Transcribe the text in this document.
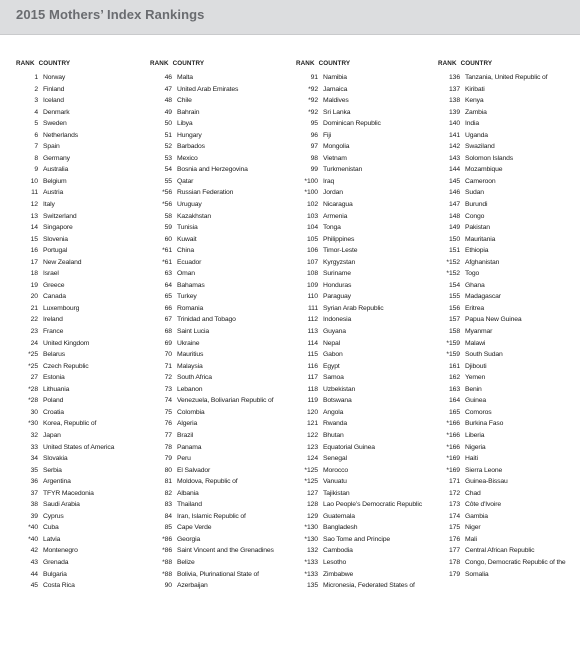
2015 Mothers’ Index Rankings
RANK COUNTRY
1 Norway
2 Finland
3 Iceland
4 Denmark
5 Sweden
6 Netherlands
7 Spain
8 Germany
9 Australia
10 Belgium
11 Austria
12 Italy
13 Switzerland
14 Singapore
15 Slovenia
16 Portugal
17 New Zealand
18 Israel
19 Greece
20 Canada
21 Luxembourg
22 Ireland
23 France
24 United Kingdom
*25 Belarus
*25 Czech Republic
27 Estonia
*28 Lithuania
*28 Poland
30 Croatia
*30 Korea, Republic of
32 Japan
33 United States of America
34 Slovakia
35 Serbia
36 Argentina
37 TFYR Macedonia
38 Saudi Arabia
39 Cyprus
*40 Cuba
*40 Latvia
42 Montenegro
43 Grenada
44 Bulgaria
45 Costa Rica
RANK COUNTRY
46 Malta
47 United Arab Emirates
48 Chile
49 Bahrain
50 Libya
51 Hungary
52 Barbados
53 Mexico
54 Bosnia and Herzegovina
55 Qatar
*56 Russian Federation
*56 Uruguay
58 Kazakhstan
59 Tunisia
60 Kuwait
*61 China
*61 Ecuador
63 Oman
64 Bahamas
65 Turkey
66 Romania
67 Trinidad and Tobago
68 Saint Lucia
69 Ukraine
70 Mauritius
71 Malaysia
72 South Africa
73 Lebanon
74 Venezuela, Bolivarian Republic of
75 Colombia
76 Algeria
77 Brazil
78 Panama
79 Peru
80 El Salvador
81 Moldova, Republic of
82 Albania
83 Thailand
84 Iran, Islamic Republic of
85 Cape Verde
*86 Georgia
*86 Saint Vincent and the Grenadines
*88 Belize
*88 Bolivia, Plurinational State of
90 Azerbaijan
RANK COUNTRY
91 Namibia
*92 Jamaica
*92 Maldives
*92 Sri Lanka
95 Dominican Republic
96 Fiji
97 Mongolia
98 Vietnam
99 Turkmenistan
*100 Iraq
*100 Jordan
102 Nicaragua
103 Armenia
104 Tonga
105 Philippines
106 Timor-Leste
107 Kyrgyzstan
108 Suriname
109 Honduras
110 Paraguay
111 Syrian Arab Republic
112 Indonesia
113 Guyana
114 Nepal
115 Gabon
116 Egypt
117 Samoa
118 Uzbekistan
119 Botswana
120 Angola
121 Rwanda
122 Bhutan
123 Equatorial Guinea
124 Senegal
*125 Morocco
*125 Vanuatu
127 Tajikistan
128 Lao People’s Democratic Republic
129 Guatemala
*130 Bangladesh
*130 Sao Tome and Principe
132 Cambodia
*133 Lesotho
*133 Zimbabwe
135 Micronesia, Federated States of
RANK COUNTRY
136 Tanzania, United Republic of
137 Kiribati
138 Kenya
139 Zambia
140 India
141 Uganda
142 Swaziland
143 Solomon Islands
144 Mozambique
145 Cameroon
146 Sudan
147 Burundi
148 Congo
149 Pakistan
150 Mauritania
151 Ethiopia
*152 Afghanistan
*152 Togo
154 Ghana
155 Madagascar
156 Eritrea
157 Papua New Guinea
158 Myanmar
*159 Malawi
*159 South Sudan
161 Djibouti
162 Yemen
163 Benin
164 Guinea
165 Comoros
*166 Burkina Faso
*166 Liberia
*166 Nigeria
*169 Haiti
*169 Sierra Leone
171 Guinea-Bissau
172 Chad
173 Côte d'Ivoire
174 Gambia
175 Niger
176 Mali
177 Central African Republic
178 Congo, Democratic Republic of the
179 Somalia
